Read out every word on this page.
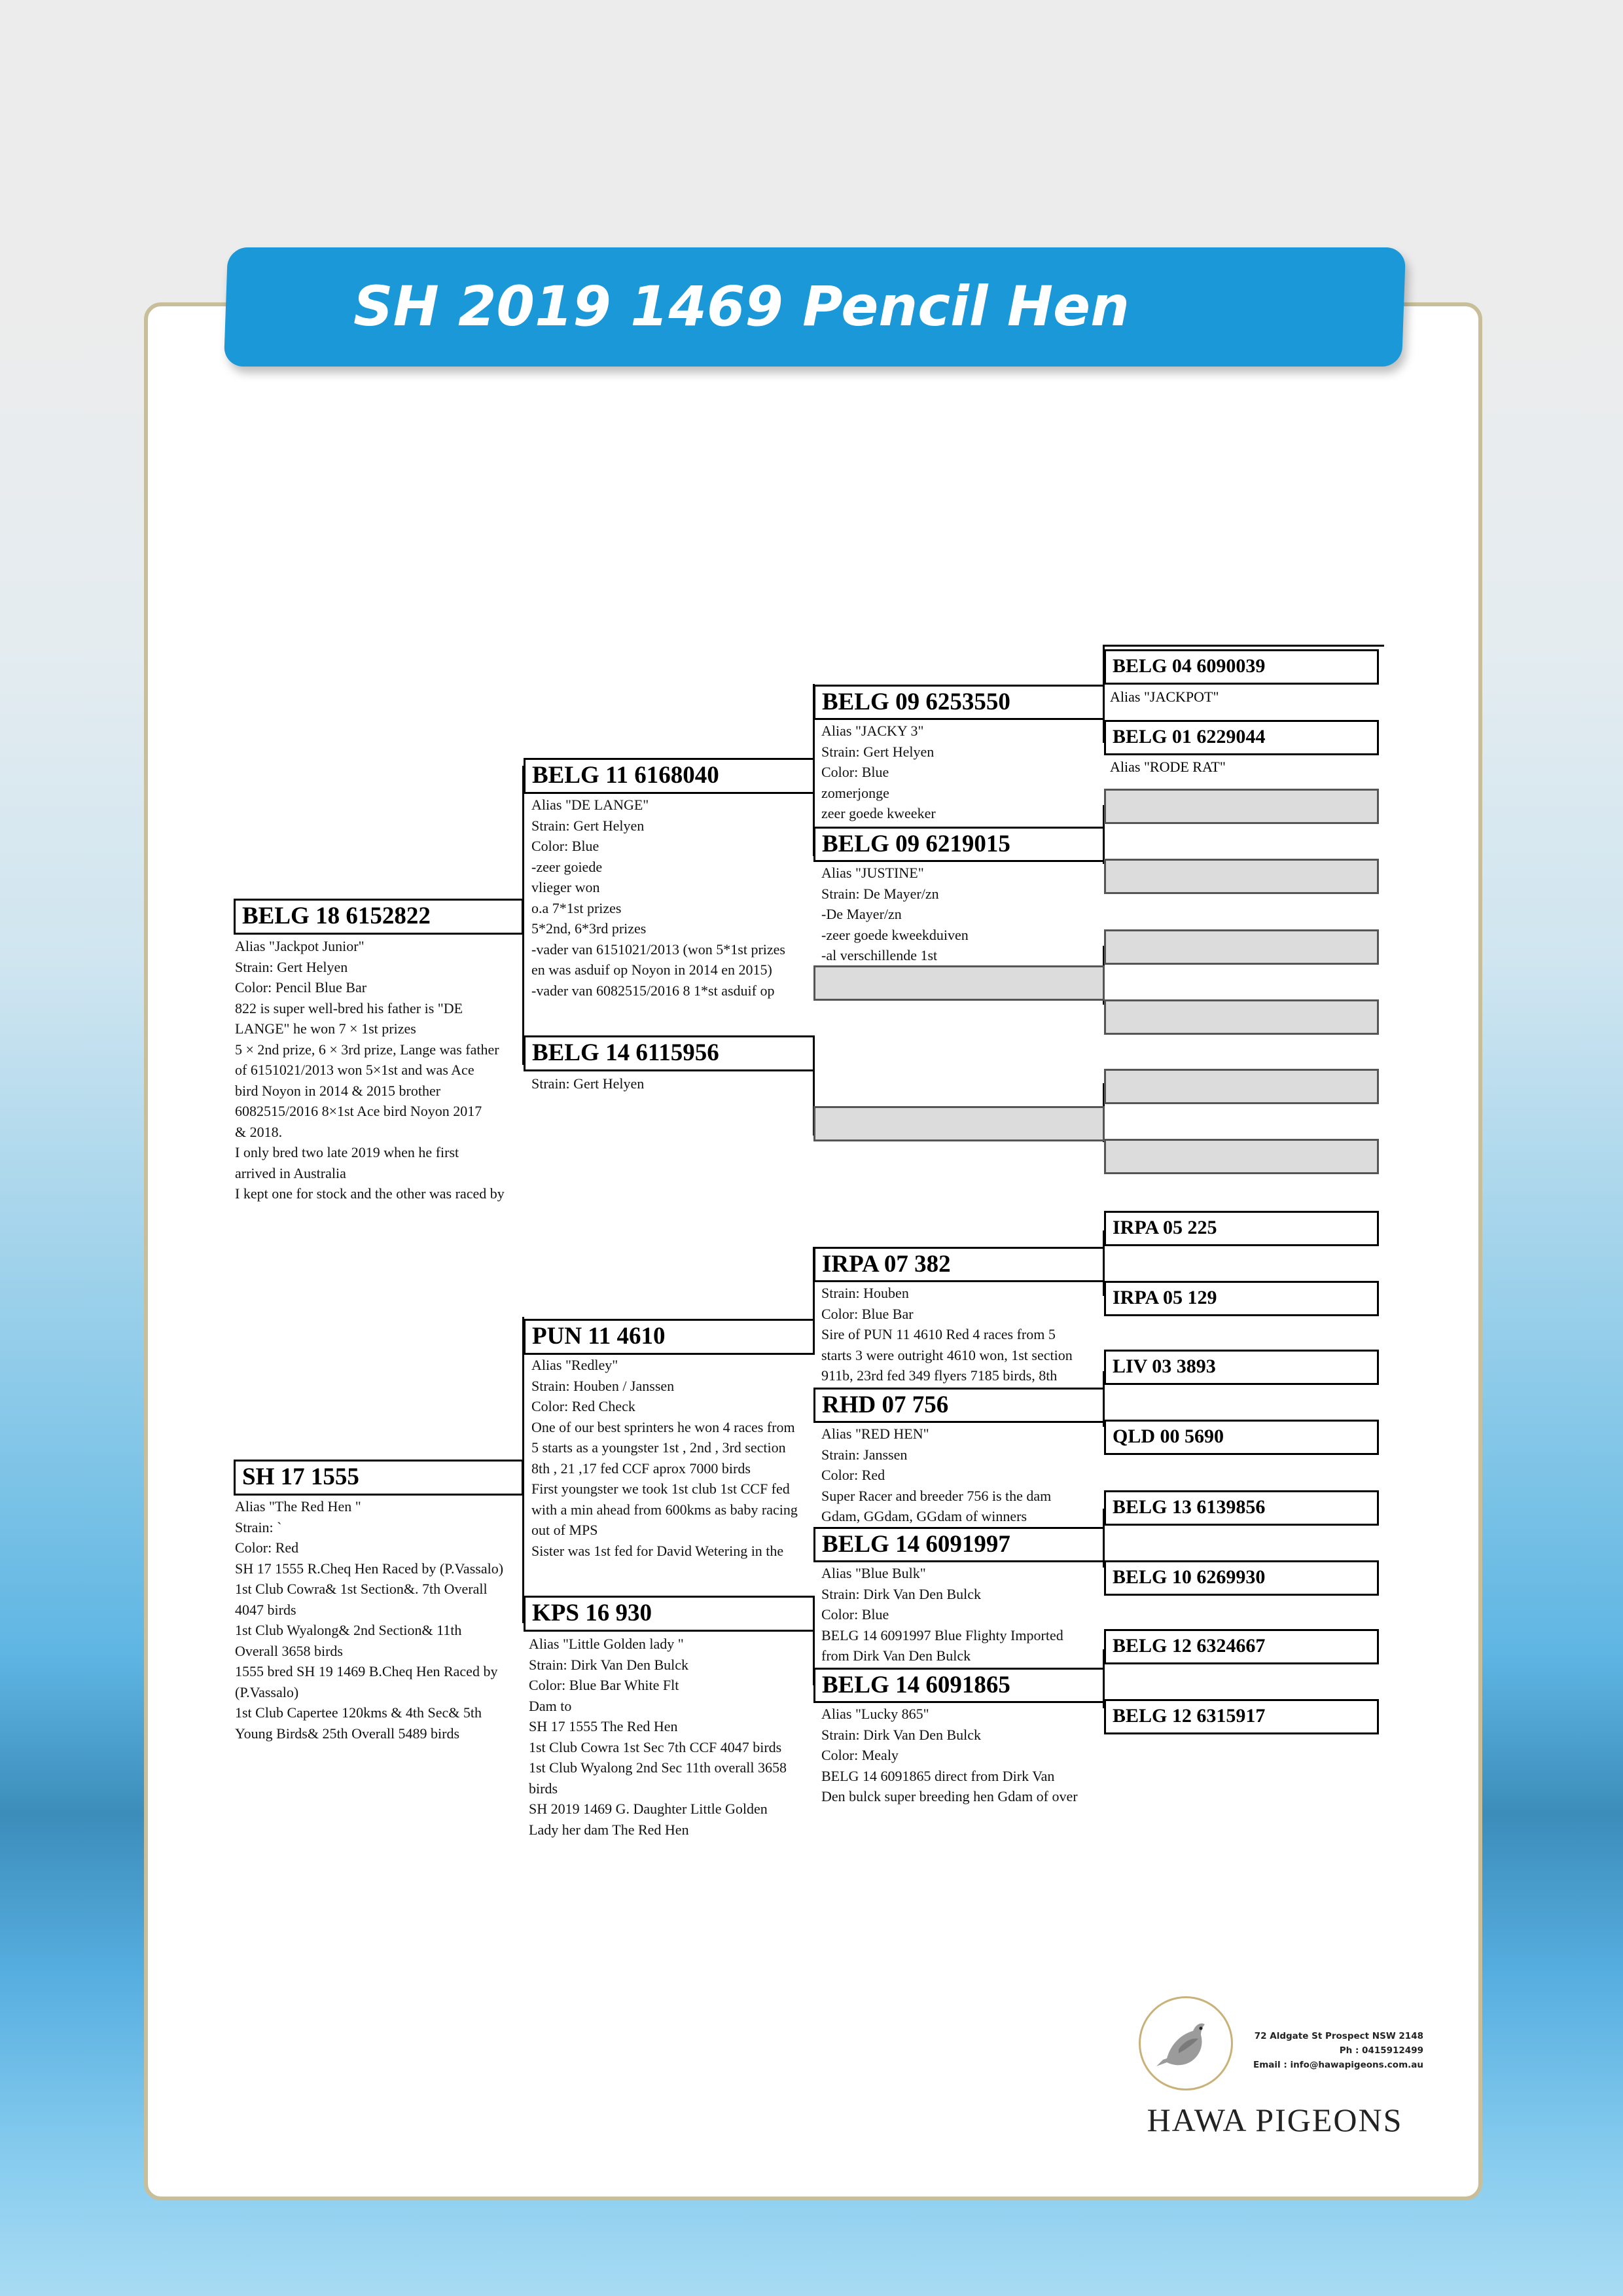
SH 2019 1469 Pencil Hen
BELG 18 6152822
Alias "Jackpot Junior"
Strain: Gert Helyen
Color: Pencil Blue Bar
822 is super well-bred his father is "DE
LANGE" he won 7 × 1st prizes
5 × 2nd prize, 6 × 3rd prize, Lange was father
of 6151021/2013 won 5×1st and was Ace
bird Noyon in 2014 & 2015 brother
6082515/2016 8×1st Ace bird Noyon 2017
& 2018.
I only bred two late 2019 when he first
arrived in Australia
I kept one for stock and the other was raced by
SH 17 1555
Alias "The Red Hen "
Strain: `
Color: Red
SH 17 1555 R.Cheq Hen Raced by (P.Vassalo)
1st Club Cowra& 1st Section&. 7th Overall
4047 birds
1st Club Wyalong& 2nd Section& 11th
Overall 3658 birds
1555 bred SH 19 1469 B.Cheq Hen Raced by
(P.Vassalo)
1st Club Capertee 120kms & 4th Sec& 5th
Young Birds& 25th Overall 5489 birds
BELG 11 6168040
Alias "DE LANGE"
Strain: Gert Helyen
Color: Blue
-zeer goiede
vlieger won
o.a 7*1st prizes
5*2nd, 6*3rd prizes
-vader van 6151021/2013 (won 5*1st prizes
en was asduif op Noyon in 2014 en 2015)
-vader van 6082515/2016 8 1*st asduif op
BELG 14 6115956
Strain: Gert Helyen
PUN 11 4610
Alias "Redley"
Strain: Houben / Janssen
Color: Red Check
One of our best sprinters he won 4 races from
5 starts as a youngster 1st , 2nd , 3rd section
8th , 21 ,17 fed CCF aprox 7000 birds
First youngster we took 1st club 1st CCF fed
with a min ahead from 600kms as baby racing
out of MPS
Sister was 1st fed for David Wetering in the
KPS 16 930
Alias "Little Golden lady "
Strain: Dirk Van Den Bulck
Color: Blue Bar White Flt
Dam to
SH 17 1555 The Red Hen
1st Club Cowra 1st Sec 7th CCF 4047 birds
1st Club Wyalong 2nd Sec 11th overall 3658
birds
SH 2019 1469 G. Daughter Little Golden
Lady her dam The Red Hen
BELG 09 6253550
Alias "JACKY 3"
Strain: Gert Helyen
Color: Blue
zomerjonge
zeer goede kweeker
BELG 09 6219015
Alias "JUSTINE"
Strain: De Mayer/zn
-De Mayer/zn
-zeer goede kweekduiven
-al verschillende 1st
IRPA 07 382
Strain: Houben
Color: Blue Bar
Sire of PUN 11 4610 Red 4 races from 5
starts 3 were outright 4610 won, 1st section
911b, 23rd fed 349 flyers 7185 birds, 8th
RHD 07 756
Alias "RED HEN"
Strain: Janssen
Color: Red
Super Racer and breeder 756 is the dam
Gdam, GGdam, GGdam of winners
BELG 14 6091997
Alias "Blue Bulk"
Strain: Dirk Van Den Bulck
Color: Blue
BELG 14 6091997 Blue Flighty Imported
from Dirk Van Den Bulck
BELG 14 6091865
Alias "Lucky 865"
Strain: Dirk Van Den Bulck
Color: Mealy
BELG 14 6091865 direct from Dirk Van
Den bulck super breeding hen Gdam of over
BELG 04 6090039
Alias "JACKPOT"
BELG 01 6229044
Alias "RODE RAT"
IRPA 05 225
IRPA 05 129
LIV 03 3893
QLD 00 5690
BELG 13 6139856
BELG 10 6269930
BELG 12 6324667
BELG 12 6315917
72 Aldgate St Prospect NSW 2148
Ph : 0415912499
Email : info@hawapigeons.com.au
HAWA PIGEONS
